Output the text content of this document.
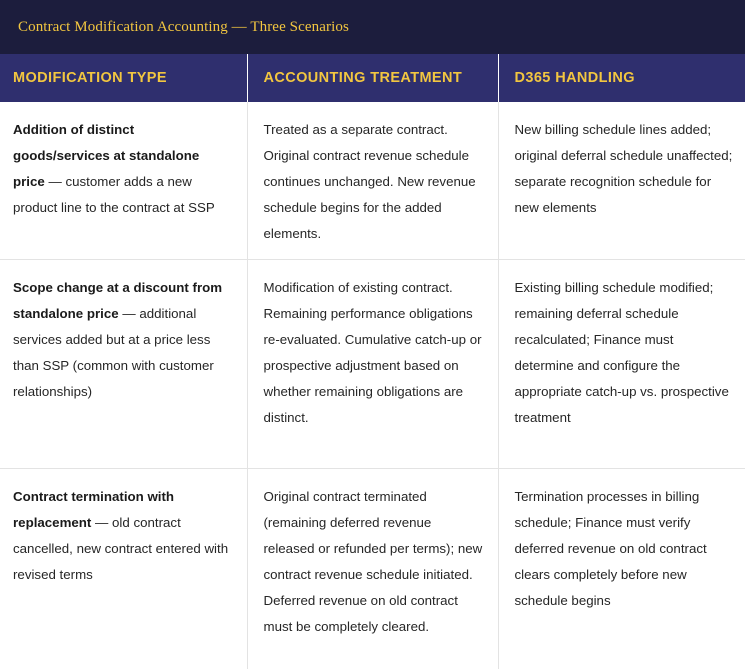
Contract Modification Accounting — Three Scenarios
MODIFICATION TYPE	ACCOUNTING TREATMENT	D365 HANDLING
Addition of distinct goods/services at standalone price — customer adds a new product line to the contract at SSP	Treated as a separate contract. Original contract revenue schedule continues unchanged. New revenue schedule begins for the added elements.	New billing schedule lines added; original deferral schedule unaffected; separate recognition schedule for new elements
Scope change at a discount from standalone price — additional services added but at a price less than SSP (common with customer relationships)	Modification of existing contract. Remaining performance obligations re-evaluated. Cumulative catch-up or prospective adjustment based on whether remaining obligations are distinct.	Existing billing schedule modified; remaining deferral schedule recalculated; Finance must determine and configure the appropriate catch-up vs. prospective treatment
Contract termination with replacement — old contract cancelled, new contract entered with revised terms	Original contract terminated (remaining deferred revenue released or refunded per terms); new contract revenue schedule initiated. Deferred revenue on old contract must be completely cleared.	Termination processes in billing schedule; Finance must verify deferred revenue on old contract clears completely before new schedule begins
